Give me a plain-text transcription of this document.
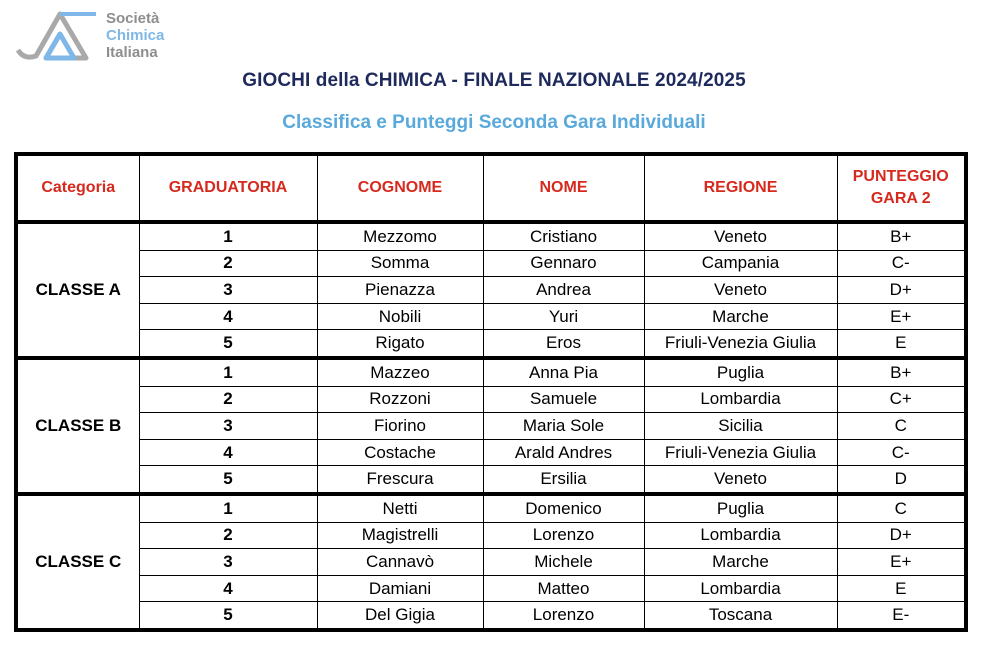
Società
Chimica
Italiana
GIOCHI della CHIMICA - FINALE NAZIONALE 2024/2025
Classifica e Punteggi Seconda Gara Individuali
Categoria	GRADUATORIA	COGNOME	NOME	REGIONE	PUNTEGGIO
GARA 2

CLASSE A	1	Mezzomo	Cristiano	Veneto	B+
	2	Somma	Gennaro	Campania	C-
	3	Pienazza	Andrea	Veneto	D+
	4	Nobili	Yuri	Marche	E+
	5	Rigato	Eros	Friuli-Venezia Giulia	E
CLASSE B	1	Mazzeo	Anna Pia	Puglia	B+
	2	Rozzoni	Samuele	Lombardia	C+
	3	Fiorino	Maria Sole	Sicilia	C
	4	Costache	Arald Andres	Friuli-Venezia Giulia	C-
	5	Frescura	Ersilia	Veneto	D
CLASSE C	1	Netti	Domenico	Puglia	C
	2	Magistrelli	Lorenzo	Lombardia	D+
	3	Cannavò	Michele	Marche	E+
	4	Damiani	Matteo	Lombardia	E
	5	Del Gigia	Lorenzo	Toscana	E-
